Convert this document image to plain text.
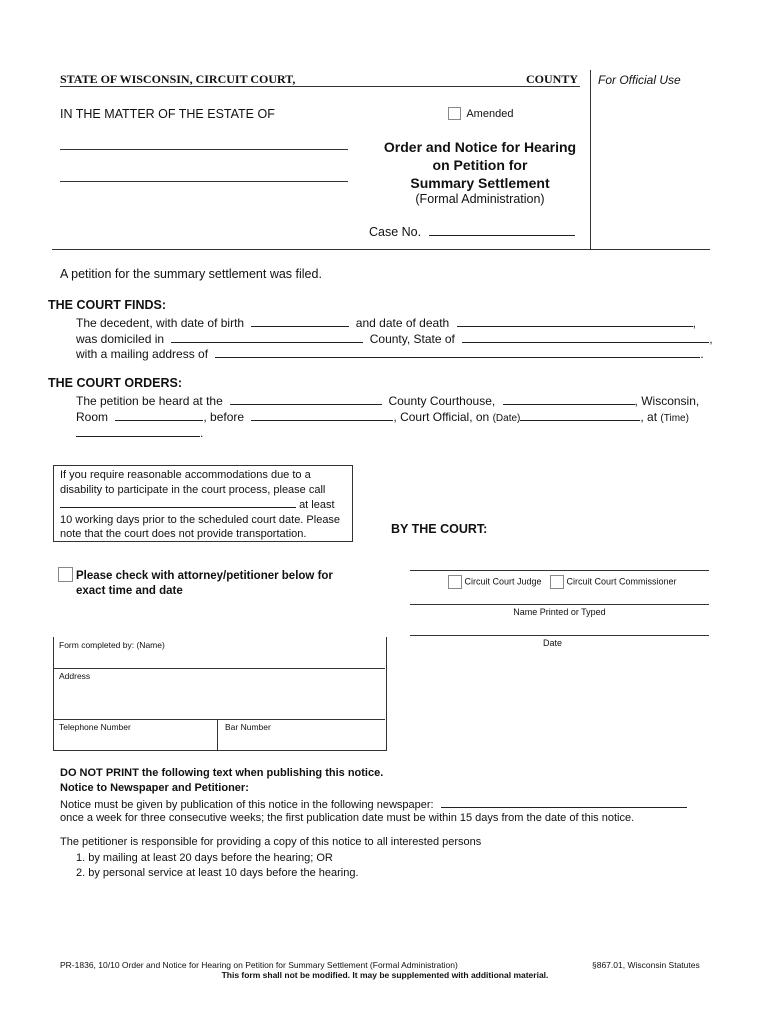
STATE OF WISCONSIN, CIRCUIT COURT,	COUNTY For Official Use
IN THE MATTER OF THE ESTATE OF	Amended
Order and Notice for Hearing
on Petition for
Summary Settlement
(Formal Administration)
Case No.
A petition for the summary settlement was filed.
THE COURT FINDS:
The decedent, with date of birth	and date of death	,
was domiciled in	County, State of	,
with a mailing address of	.
THE COURT ORDERS:
The petition be heard at the	County Courthouse,	, Wisconsin,
Room	, before	, Court Official, on (Date)	, at (Time)
.
If you require reasonable accommodations due to a
disability to participate in the court process, please call
at least
10 working days prior to the scheduled court date. Please
note that the court does not provide transportation.	BY THE COURT:
Please check with attorney/petitioner below for
exact time and date
Circuit Court Judge	Circuit Court Commissioner
Name Printed or Typed
Date
Form completed by: (Name)
Address
Telephone Number	Bar Number
DO NOT PRINT the following text when publishing this notice.
Notice to Newspaper and Petitioner:
Notice must be given by publication of this notice in the following newspaper:
once a week for three consecutive weeks; the first publication date must be within 15 days from the date of this notice.
The petitioner is responsible for providing a copy of this notice to all interested persons
1. by mailing at least 20 days before the hearing; OR
2. by personal service at least 10 days before the hearing.
PR-1836, 10/10 Order and Notice for Hearing on Petition for Summary Settlement (Formal Administration)	§867.01, Wisconsin Statutes
This form shall not be modified. It may be supplemented with additional material.
